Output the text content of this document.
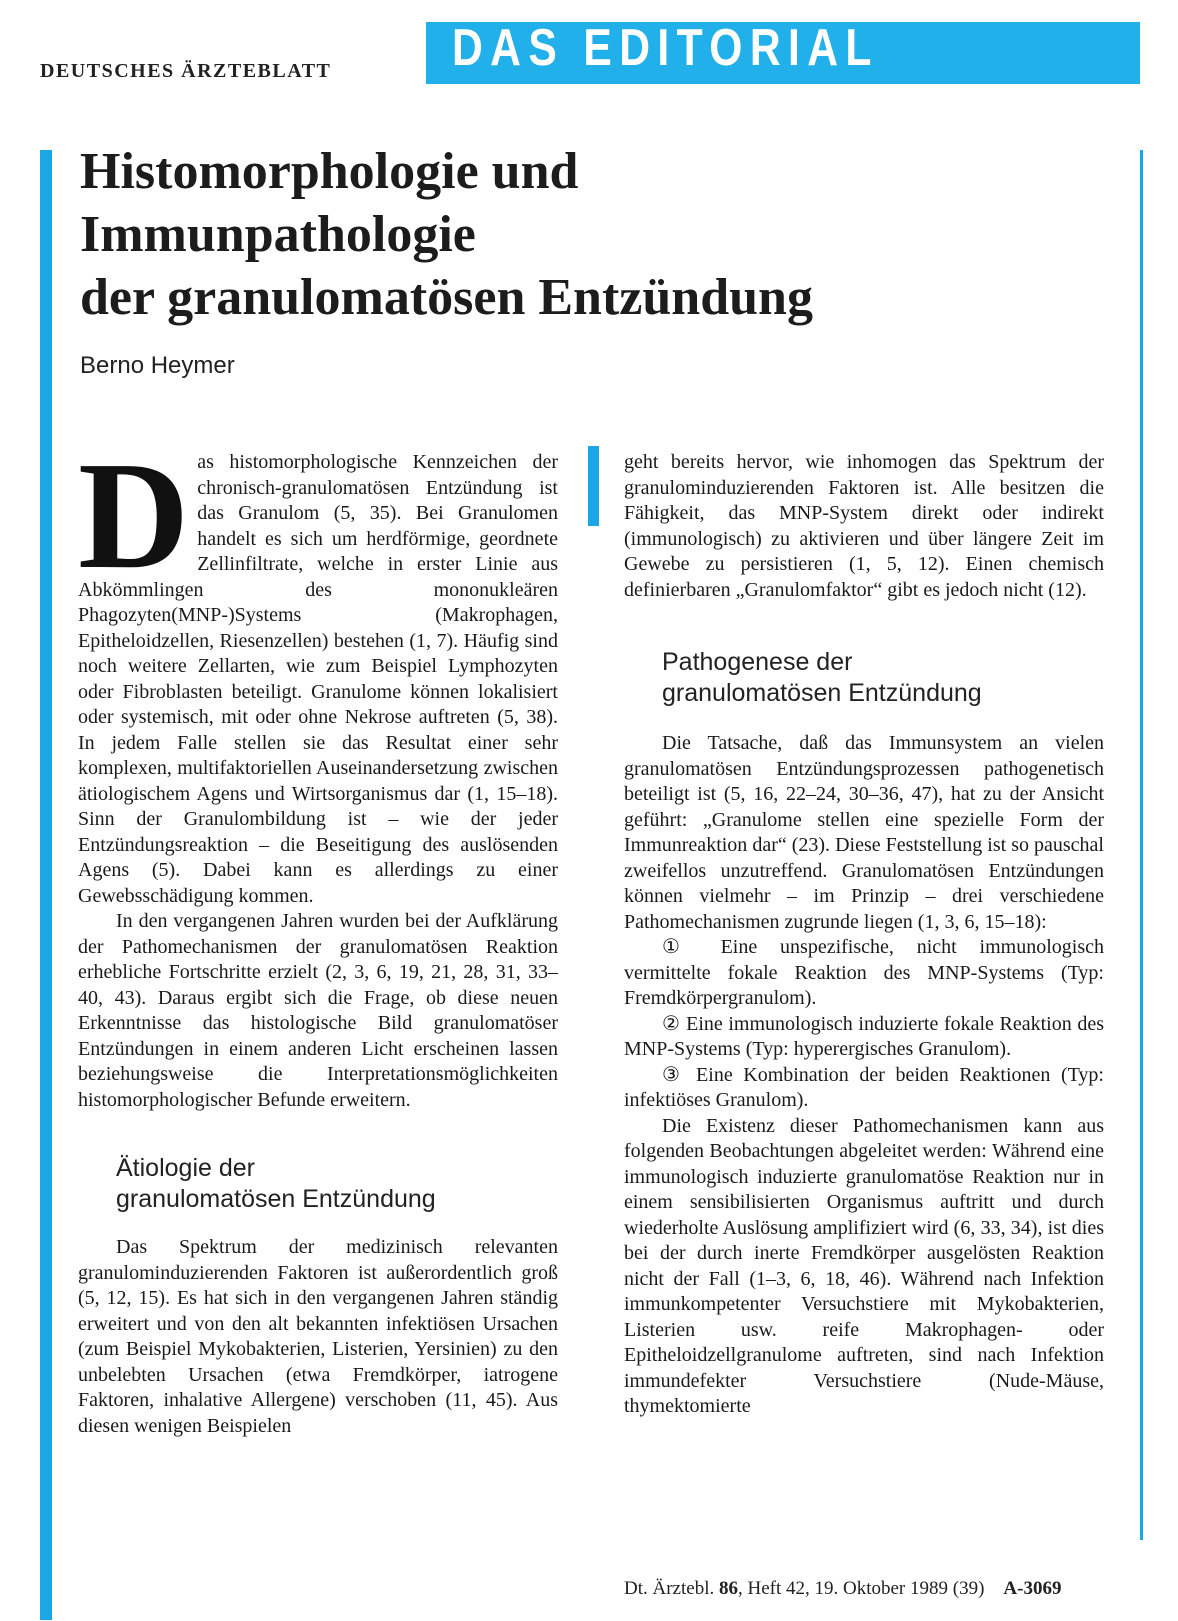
DEUTSCHES ÄRZTEBLATT DAS EDITORIAL
Histomorphologie und
Immunpathologie
der granulomatösen Entzündung
Berno Heymer

Das histomorphologische Kennzeichen der chronisch-granulomatösen Entzündung ist das Granulom (5, 35). Bei Granulomen handelt es sich um herdförmige, geordnete Zellinfiltrate, welche in erster Linie aus Abkömmlingen des mononukleären Phagozyten(MNP-)Systems (Makrophagen, Epitheloidzellen, Riesenzellen) bestehen (1, 7). Häufig sind noch weitere Zellarten, wie zum Beispiel Lymphozyten oder Fibroblasten beteiligt. Granulome können lokalisiert oder systemisch, mit oder ohne Nekrose auftreten (5, 38). In jedem Falle stellen sie das Resultat einer sehr komplexen, multifaktoriellen Auseinandersetzung zwischen ätiologischem Agens und Wirtsorganismus dar (1, 15–18). Sinn der Granulombildung ist – wie der jeder Entzündungsreaktion – die Beseitigung des auslösenden Agens (5). Dabei kann es allerdings zu einer Gewebsschädigung kommen.

In den vergangenen Jahren wurden bei der Aufklärung der Pathomechanismen der granulomatösen Reaktion erhebliche Fortschritte erzielt (2, 3, 6, 19, 21, 28, 31, 33–40, 43). Daraus ergibt sich die Frage, ob diese neuen Erkenntnisse das histologische Bild granulomatöser Entzündungen in einem anderen Licht erscheinen lassen beziehungsweise die Interpretationsmöglichkeiten histomorphologischer Befunde erweitern.

Ätiologie der
granulomatösen Entzündung

Das Spektrum der medizinisch relevanten granulominduzierenden Faktoren ist außerordentlich groß (5, 12, 15). Es hat sich in den vergangenen Jahren ständig erweitert und von den alt bekannten infektiösen Ursachen (zum Beispiel Mykobakterien, Listerien, Yersinien) zu den unbelebten Ursachen (etwa Fremdkörper, iatrogene Faktoren, inhalative Allergene) verschoben (11, 45). Aus diesen wenigen Beispielen

geht bereits hervor, wie inhomogen das Spektrum der granulominduzierenden Faktoren ist. Alle besitzen die Fähigkeit, das MNP-System direkt oder indirekt (immunologisch) zu aktivieren und über längere Zeit im Gewebe zu persistieren (1, 5, 12). Einen chemisch definierbaren „Granulomfaktor“ gibt es jedoch nicht (12).

Pathogenese der
granulomatösen Entzündung

Die Tatsache, daß das Immunsystem an vielen granulomatösen Entzündungsprozessen pathogenetisch beteiligt ist (5, 16, 22–24, 30–36, 47), hat zu der Ansicht geführt: „Granulome stellen eine spezielle Form der Immunreaktion dar“ (23). Diese Feststellung ist so pauschal zweifellos unzutreffend. Granulomatösen Entzündungen können vielmehr – im Prinzip – drei verschiedene Pathomechanismen zugrunde liegen (1, 3, 6, 15–18):

① Eine unspezifische, nicht immunologisch vermittelte fokale Reaktion des MNP-Systems (Typ: Fremdkörpergranulom).

② Eine immunologisch induzierte fokale Reaktion des MNP-Systems (Typ: hyperergisches Granulom).

③ Eine Kombination der beiden Reaktionen (Typ: infektiöses Granulom).

Die Existenz dieser Pathomechanismen kann aus folgenden Beobachtungen abgeleitet werden: Während eine immunologisch induzierte granulomatöse Reaktion nur in einem sensibilisierten Organismus auftritt und durch wiederholte Auslösung amplifiziert wird (6, 33, 34), ist dies bei der durch inerte Fremdkörper ausgelösten Reaktion nicht der Fall (1–3, 6, 18, 46). Während nach Infektion immunkompetenter Versuchstiere mit Mykobakterien, Listerien usw. reife Makrophagen- oder Epitheloidzellgranulome auftreten, sind nach Infektion immundefekter Versuchstiere (Nude-Mäuse, thymektomierte

Dt. Ärztebl. 86, Heft 42, 19. Oktober 1989 (39) A-3069
